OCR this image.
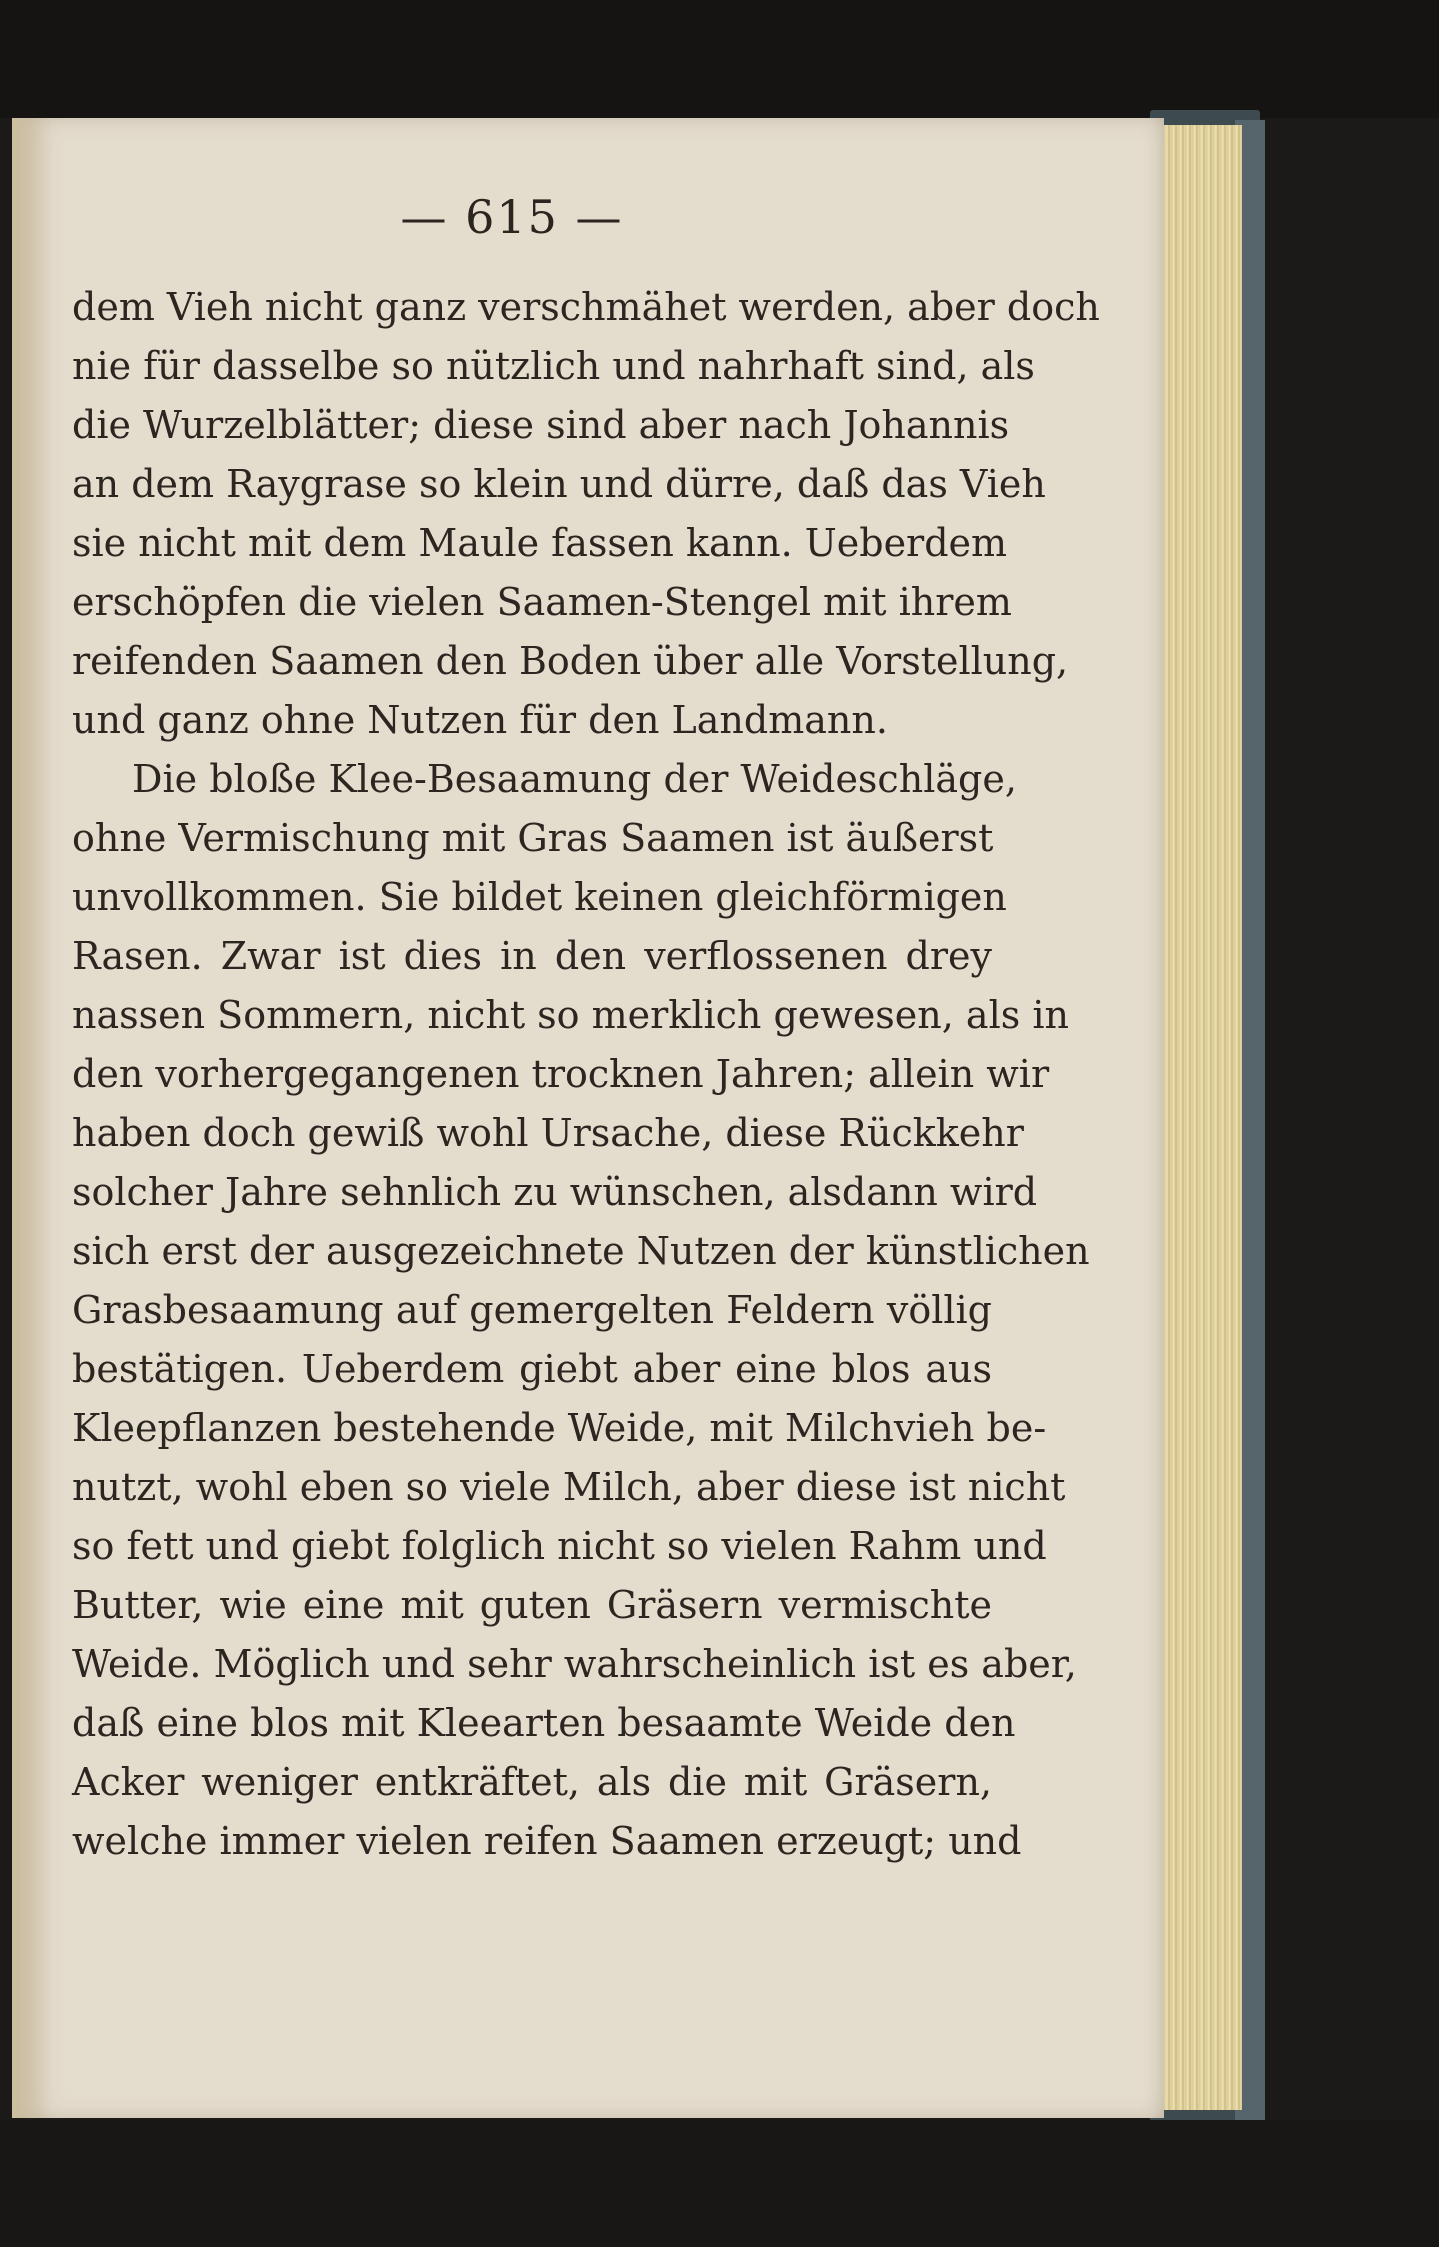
— 615 —
dem Vieh nicht ganz verschmähet werden, aber doch
nie für dasselbe so nützlich und nahrhaft sind, als
die Wurzelblätter; diese sind aber nach Johannis
an dem Raygrase so klein und dürre, daß das Vieh
sie nicht mit dem Maule fassen kann. Ueberdem
erschöpfen die vielen Saamen-Stengel mit ihrem
reifenden Saamen den Boden über alle Vorstellung,
und ganz ohne Nutzen für den Landmann.
Die bloße Klee-Besaamung der Weideschläge,
ohne Vermischung mit Gras Saamen ist äußerst
unvollkommen. Sie bildet keinen gleichförmigen
Rasen. Zwar ist dies in den verflossenen drey
nassen Sommern, nicht so merklich gewesen, als in
den vorhergegangenen trocknen Jahren; allein wir
haben doch gewiß wohl Ursache, diese Rückkehr
solcher Jahre sehnlich zu wünschen, alsdann wird
sich erst der ausgezeichnete Nutzen der künstlichen
Grasbesaamung auf gemergelten Feldern völlig
bestätigen. Ueberdem giebt aber eine blos aus
Kleepflanzen bestehende Weide, mit Milchvieh be-
nutzt, wohl eben so viele Milch, aber diese ist nicht
so fett und giebt folglich nicht so vielen Rahm und
Butter, wie eine mit guten Gräsern vermischte
Weide. Möglich und sehr wahrscheinlich ist es aber,
daß eine blos mit Kleearten besaamte Weide den
Acker weniger entkräftet, als die mit Gräsern,
welche immer vielen reifen Saamen erzeugt; und
